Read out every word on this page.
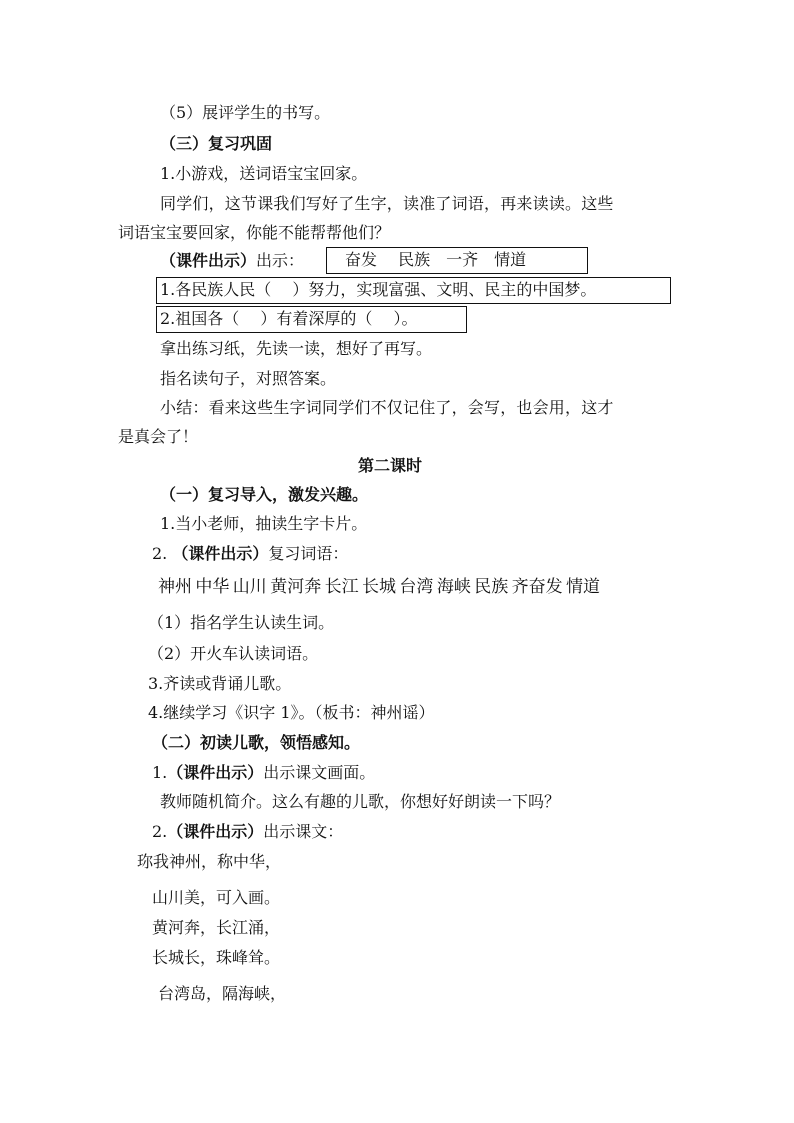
（5）展评学生的书写。
（三）复习巩固
1.小游戏，送词语宝宝回家。
同学们，这节课我们写好了生字，读准了词语，再来读读。这些
词语宝宝要回家，你能不能帮帮他们？
（课件出示）出示：	奋发　 民族　一齐　情道
1.各民族人民（　 ）努力，实现富强、文明、民主的中国梦。
2.祖国各（　 ）有着深厚的（　 ）。
拿出练习纸，先读一读，想好了再写。
指名读句子，对照答案。
小结：看来这些生字词同学们不仅记住了，会写，也会用，这才
是真会了！
第二课时
（一）复习导入，激发兴趣。
1.当小老师，抽读生字卡片。
2. （课件出示）复习词语：
神州 中华 山川 黄河奔 长江 长城 台湾 海峡 民族 齐奋发 情道
（1）指名学生认读生词。
（2）开火车认读词语。
3.齐读或背诵儿歌。
4.继续学习《识字 1》。（板书：神州谣）
（二）初读儿歌，领悟感知。
1.（课件出示）出示课文画面。
教师随机简介。这么有趣的儿歌，你想好好朗读一下吗？
2.（课件出示）出示课文：
珎我神州，称中华，
山川美，可入画。
黄河奔，长江涌，
长城长，珠峰耸。
台湾岛，隔海峡，
